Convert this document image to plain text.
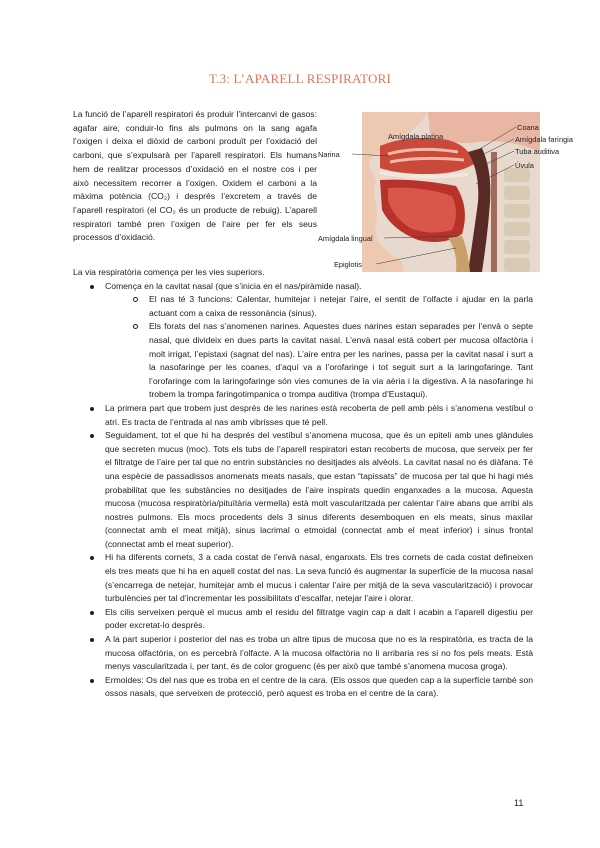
T.3: L’APARELL RESPIRATORI

La funció de l’aparell respiratori és produir l’intercanvi de gasos: agafar aire, conduir-lo fins als pulmons on la sang agafa l’oxigen i deixa el diòxid de carboni produït per l’oxidació del carboni, que s’expulsarà per l’aparell respiratori. Els humans hem de realitzar processos d’oxidació en el nostre cos i per això necessitem recorrer a l’oxigen. Oxidem el carboni a la màxima potència (CO₂) i després l’excretem a través de l’aparell respiratori (el CO₂ és un producte de rebuig). L’aparell respiratori també pren l’oxigen de l’aire per fer els seus processos d’oxidació.

Narina
Amígdala platina
Coana
Amígdala faríngia
Tuba auditiva
Úvula
Amígdala lingual
Epiglotis

La via respiratòria comença per les vies superiors.

Comença en la cavitat nasal (que s’inicia en el nas/piràmide nasal).
El nas té 3 funcions: Calentar, humitejar i netejar l’aire, el sentit de l’olfacte i ajudar en la parla actuant com a caixa de ressonància (sinus).
Els forats del nas s’anomenen narines. Aquestes dues narines estan separades per l’envà o septe nasal, que divideix en dues parts la cavitat nasal. L’envà nasal està cobert per mucosa olfactòria i molt irrigat, l’epistaxi (sagnat del nas). L’aire entra per les narines, passa per la cavitat nasal i surt a la nasofaringe per les coanes, d’aquí va a l’orofaringe i tot seguit surt a la laringofaringe. Tant l’orofaringe com la laringofaringe són vies comunes de la via aèria i la digestiva. A la nasofaringe hi trobem la trompa faringotimpanica o trompa auditiva (trompa d’Eustaqui).
La primera part que trobem just després de les narines està recoberta de pell amb pèls i s’anomena vestíbul o atri. Es tracta de l’entrada al nas amb vibrisses que té pell.
Seguidament, tot el que hi ha després del vestíbul s’anomena mucosa, que és un epiteli amb unes glàndules que secreten mucus (moc). Tots els tubs de l’aparell respiratori estan recoberts de mucosa, que serveix per fer el filtratge de l’aire per tal que no entrin substàncies no desitjades als alvèols. La cavitat nasal no és diàfana. Té una espècie de passadissos anomenats meats nasals, que estan “tapissats” de mucosa per tal que hi hagi més probabilitat que les substàncies no desitjades de l’aire inspirats quedin enganxades a la mucosa. Aquesta mucosa (mucosa respiratòria/pituïtària vermella) està molt vascularitzada per calentar l’aire abans que arribi als nostres pulmons. Els mocs procedents dels 3 sinus diferents desemboquen en els meats, sinus maxilar (connectat amb el meat mitjà), sinus lacrimal o etmoidal (connectat amb el meat inferior) i sinus frontal (connectat amb el meat superior).
Hi ha diferents cornets, 3 a cada costat de l’envà nasal, enganxats. Els tres cornets de cada costat defineixen els tres meats que hi ha en aquell costat del nas. La seva funció és augmentar la superfície de la mucosa nasal (s’encarrega de netejar, humitejar amb el mucus i calentar l’aire per mitjà de la seva vascularització) i provocar turbulències per tal d’incrementar les possibilitats d’escalfar, netejar l’aire i olorar.
Els cilis serveixen perquè el mucus amb el residu del filtratge vagin cap a dalt i acabin a l’aparell digestiu per poder excretat-lo després.
A la part superior i posterior del nas es troba un altre tipus de mucosa que no es la respiratòria, es tracta de la mucosa olfactòria, on es percebrà l’olfacte. A la mucosa olfactòria no li arribaria res si no fos pels meats. Està menys vascularitzada i, per tant, és de color groguenc (és per això que també s’anomena mucosa groga).
Ermoides: Os del nas que es troba en el centre de la cara. (Els ossos que queden cap a la superfície també son ossos nasals, que serveixen de protecció, però aquest es troba en el centre de la cara).
11
